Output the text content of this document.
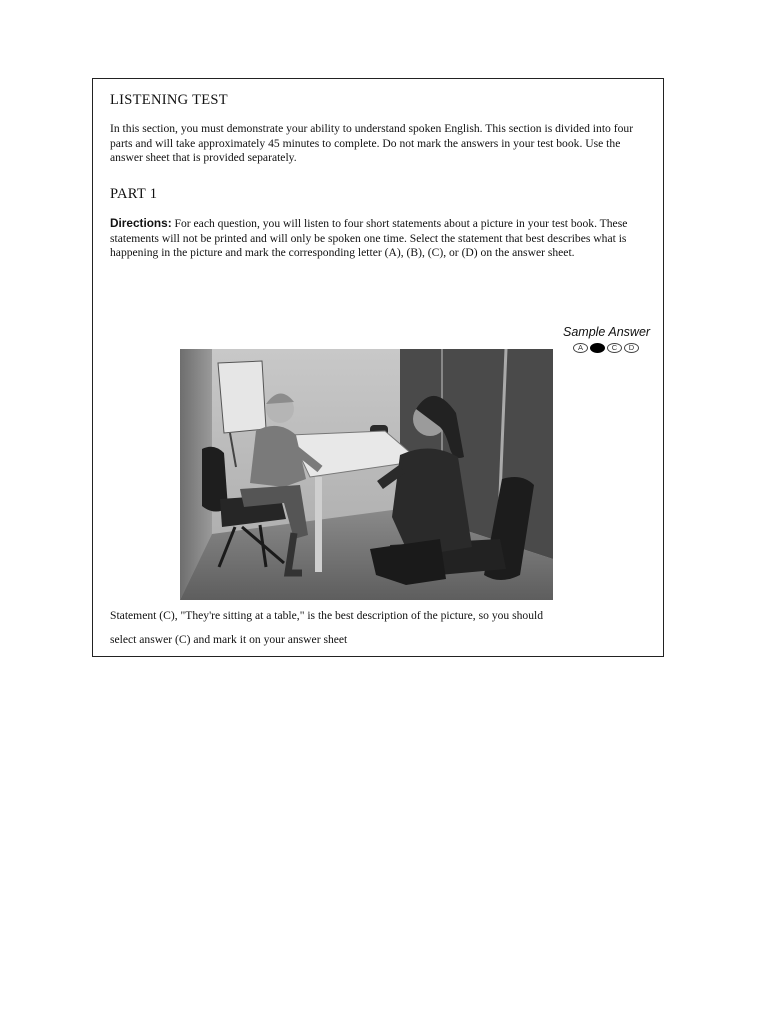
LISTENING TEST
In this section, you must demonstrate your ability to understand spoken English. This section is divided into four parts and will take approximately 45 minutes to complete. Do not mark the answers in your test book. Use the answer sheet that is provided separately.
PART 1
Directions: For each question, you will listen to four short statements about a picture in your test book. These statements will not be printed and will only be spoken one time. Select the statement that best describes what is happening in the picture and mark the corresponding letter (A), (B), (C), or (D) on the answer sheet.
Sample Answer
A	B	C	D
Statement (C), "They're sitting at a table," is the best description of the picture, so you should
select answer (C) and mark it on your answer sheet
